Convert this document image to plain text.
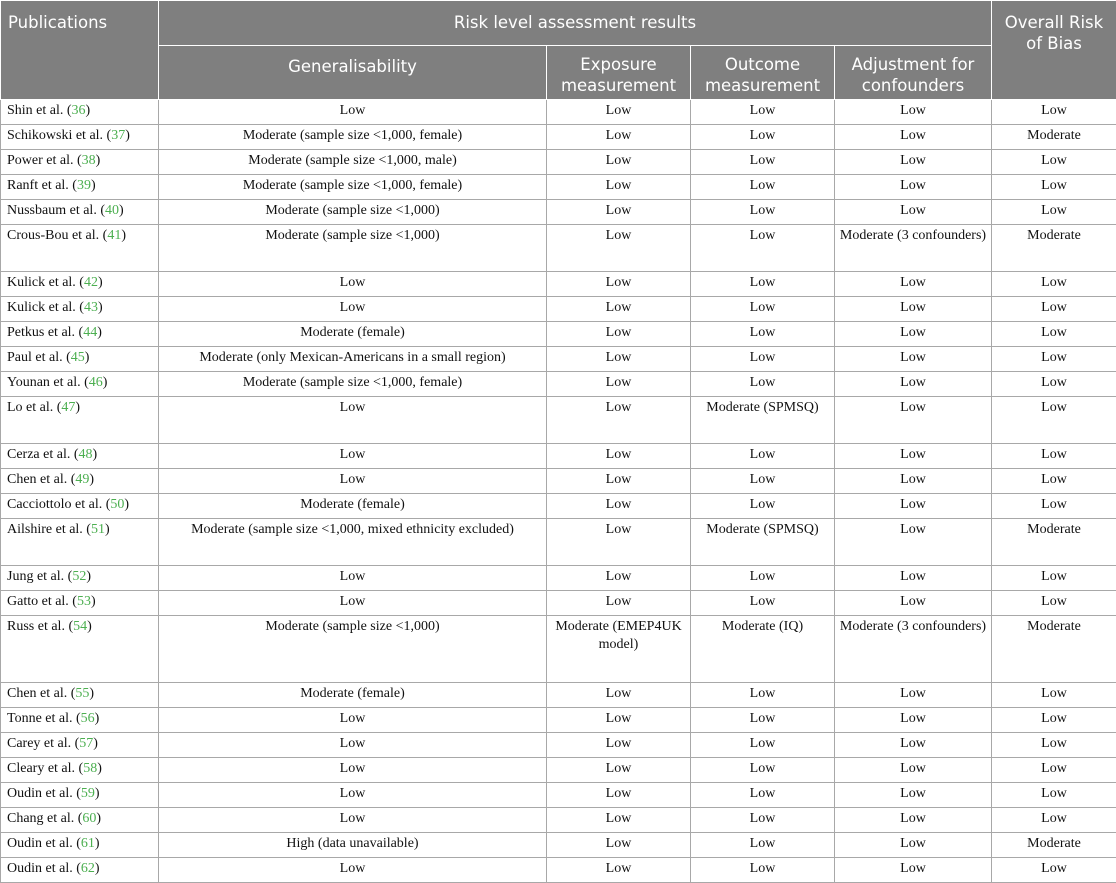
Publications	Risk level assessment results				Overall Risk of Bias
	Generalisability	Exposure measurement	Outcome measurement	Adjustment for confounders	
Shin et al. (36)	Low	Low	Low	Low	Low
Schikowski et al. (37)	Moderate (sample size <1,000, female)	Low	Low	Low	Moderate
Power et al. (38)	Moderate (sample size <1,000, male)	Low	Low	Low	Low
Ranft et al. (39)	Moderate (sample size <1,000, female)	Low	Low	Low	Low
Nussbaum et al. (40)	Moderate (sample size <1,000)	Low	Low	Low	Low
Crous-Bou et al. (41)	Moderate (sample size <1,000)	Low	Low	Moderate (3 confounders)	Moderate
Kulick et al. (42)	Low	Low	Low	Low	Low
Kulick et al. (43)	Low	Low	Low	Low	Low
Petkus et al. (44)	Moderate (female)	Low	Low	Low	Low
Paul et al. (45)	Moderate (only Mexican-Americans in a small region)	Low	Low	Low	Low
Younan et al. (46)	Moderate (sample size <1,000, female)	Low	Low	Low	Low
Lo et al. (47)	Low	Low	Moderate (SPMSQ)	Low	Low
Cerza et al. (48)	Low	Low	Low	Low	Low
Chen et al. (49)	Low	Low	Low	Low	Low
Cacciottolo et al. (50)	Moderate (female)	Low	Low	Low	Low
Ailshire et al. (51)	Moderate (sample size <1,000, mixed ethnicity excluded)	Low	Moderate (SPMSQ)	Low	Moderate
Jung et al. (52)	Low	Low	Low	Low	Low
Gatto et al. (53)	Low	Low	Low	Low	Low
Russ et al. (54)	Moderate (sample size <1,000)	Moderate (EMEP4UK model)	Moderate (IQ)	Moderate (3 confounders)	Moderate
Chen et al. (55)	Moderate (female)	Low	Low	Low	Low
Tonne et al. (56)	Low	Low	Low	Low	Low
Carey et al. (57)	Low	Low	Low	Low	Low
Cleary et al. (58)	Low	Low	Low	Low	Low
Oudin et al. (59)	Low	Low	Low	Low	Low
Chang et al. (60)	Low	Low	Low	Low	Low
Oudin et al. (61)	High (data unavailable)	Low	Low	Low	Moderate
Oudin et al. (62)	Low	Low	Low	Low	Low
